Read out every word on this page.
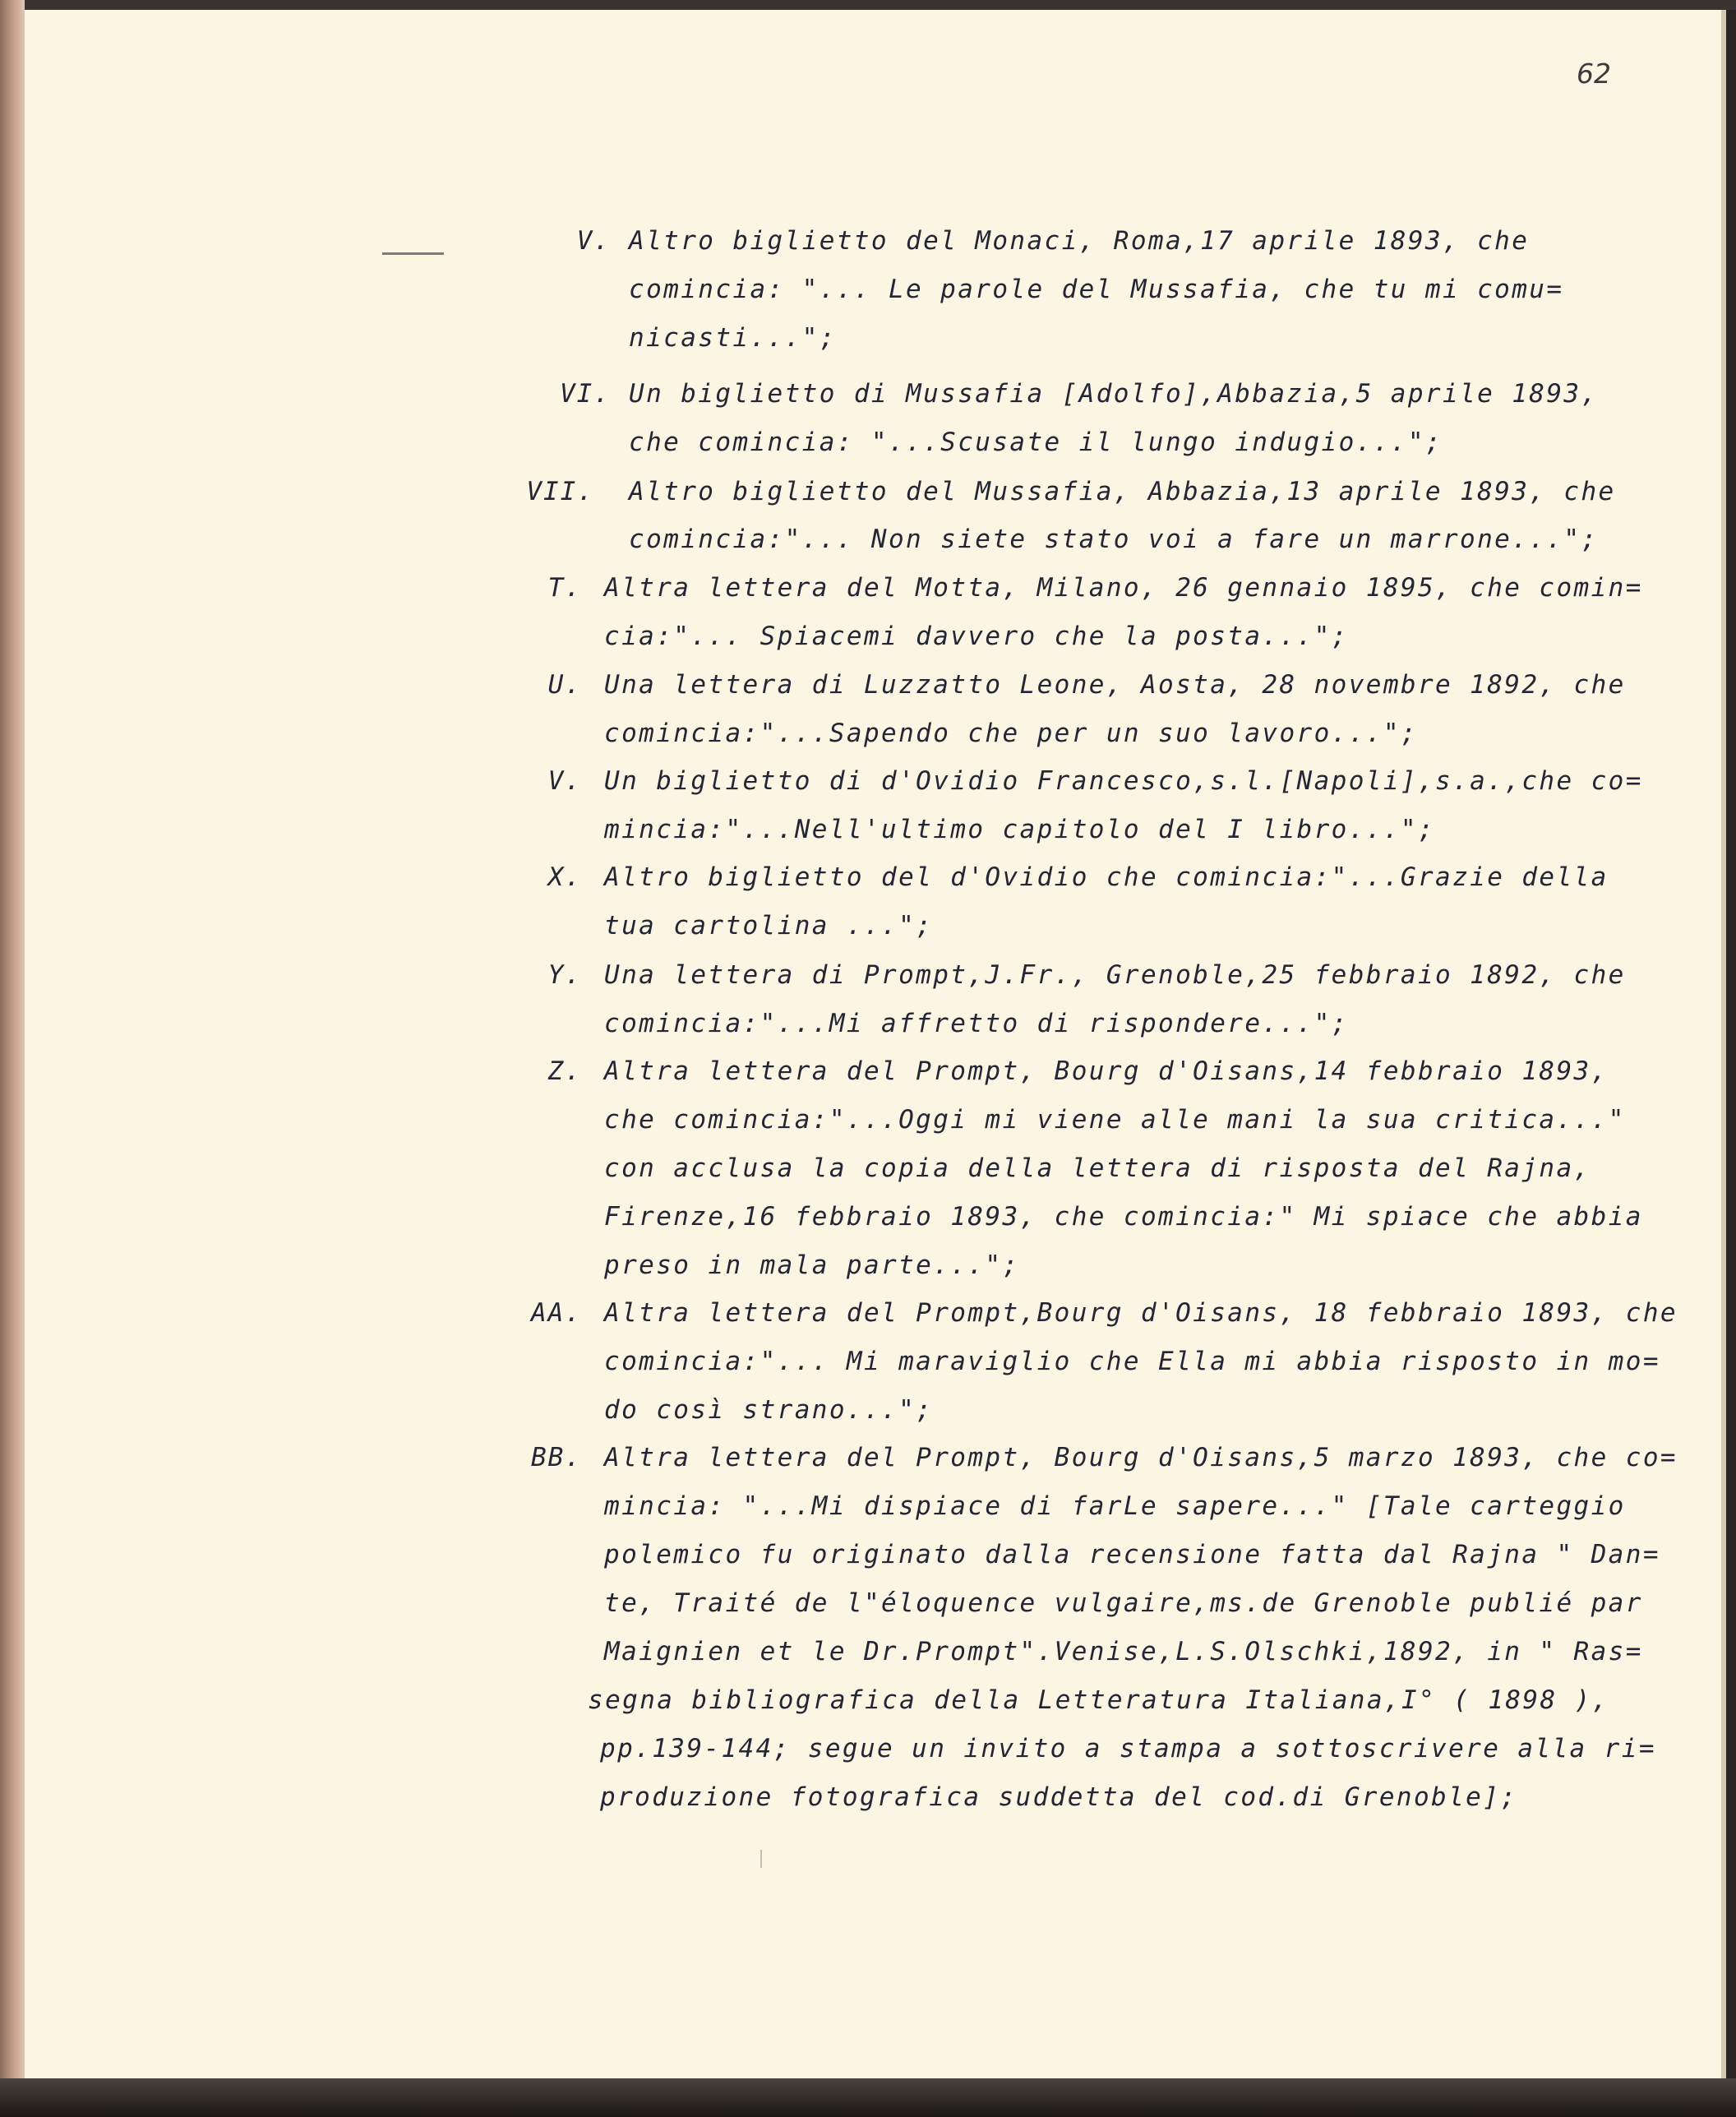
62
V. Altro biglietto del Monaci, Roma,17 aprile 1893, che
comincia: "... Le parole del Mussafia, che tu mi comu=
nicasti...";
VI. Un biglietto di Mussafia [Adolfo],Abbazia,5 aprile 1893,
che comincia: "...Scusate il lungo indugio...";
VII. Altro biglietto del Mussafia, Abbazia,13 aprile 1893, che
comincia:"... Non siete stato voi a fare un marrone...";
T. Altra lettera del Motta, Milano, 26 gennaio 1895, che comin=
cia:"... Spiacemi davvero che la posta...";
U. Una lettera di Luzzatto Leone, Aosta, 28 novembre 1892, che
comincia:"...Sapendo che per un suo lavoro...";
V. Un biglietto di d'Ovidio Francesco,s.l.[Napoli],s.a.,che co=
mincia:"...Nell'ultimo capitolo del I libro...";
X. Altro biglietto del d'Ovidio che comincia:"...Grazie della
tua cartolina ...";
Y. Una lettera di Prompt,J.Fr., Grenoble,25 febbraio 1892, che
comincia:"...Mi affretto di rispondere...";
Z. Altra lettera del Prompt, Bourg d'Oisans,14 febbraio 1893,
che comincia:"...Oggi mi viene alle mani la sua critica..."
con acclusa la copia della lettera di risposta del Rajna,
Firenze,16 febbraio 1893, che comincia:" Mi spiace che abbia
preso in mala parte...";
AA. Altra lettera del Prompt,Bourg d'Oisans, 18 febbraio 1893, che
comincia:"... Mi maraviglio che Ella mi abbia risposto in mo=
do così strano...";
BB. Altra lettera del Prompt, Bourg d'Oisans,5 marzo 1893, che co=
mincia: "...Mi dispiace di farLe sapere..." [Tale carteggio
polemico fu originato dalla recensione fatta dal Rajna " Dan=
te, Traité de l"éloquence vulgaire,ms.de Grenoble publié par
Maignien et le Dr.Prompt".Venise,L.S.Olschki,1892, in " Ras=
segna bibliografica della Letteratura Italiana,I° ( 1898 ),
pp.139-144; segue un invito a stampa a sottoscrivere alla ri=
produzione fotografica suddetta del cod.di Grenoble];
